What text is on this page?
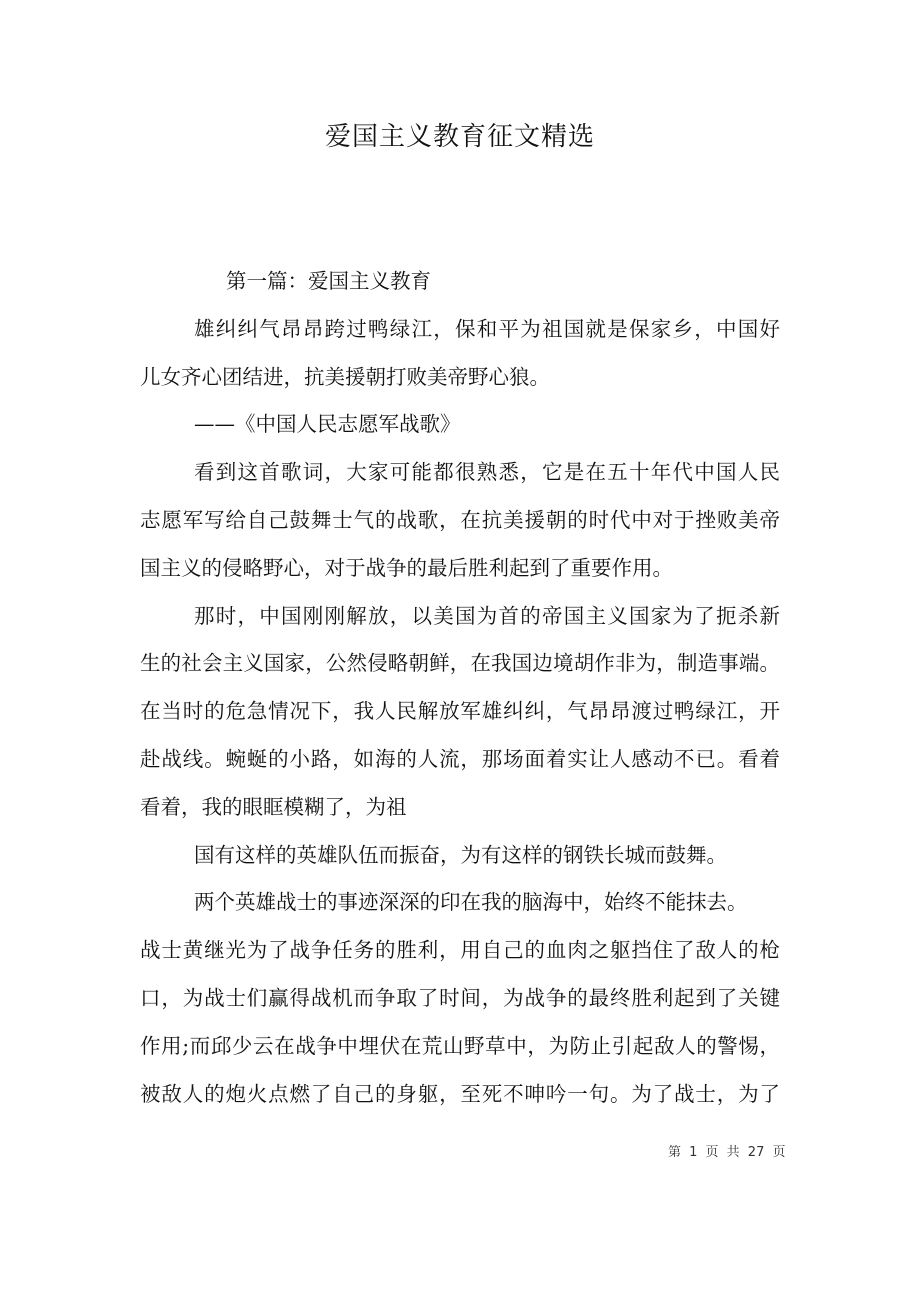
爱国主义教育征文精选
第一篇：爱国主义教育
雄纠纠气昂昂跨过鸭绿江，保和平为祖国就是保家乡，中国好
儿女齐心团结进，抗美援朝打败美帝野心狼。
——《中国人民志愿军战歌》
看到这首歌词，大家可能都很熟悉，它是在五十年代中国人民
志愿军写给自己鼓舞士气的战歌，在抗美援朝的时代中对于挫败美帝
国主义的侵略野心，对于战争的最后胜利起到了重要作用。
那时，中国刚刚解放，以美国为首的帝国主义国家为了扼杀新
生的社会主义国家，公然侵略朝鲜，在我国边境胡作非为，制造事端。
在当时的危急情况下，我人民解放军雄纠纠，气昂昂渡过鸭绿江，开
赴战线。蜿蜒的小路，如海的人流，那场面着实让人感动不已。看着
看着，我的眼眶模糊了，为祖
国有这样的英雄队伍而振奋，为有这样的钢铁长城而鼓舞。
两个英雄战士的事迹深深的印在我的脑海中，始终不能抹去。
战士黄继光为了战争任务的胜利，用自己的血肉之躯挡住了敌人的枪
口，为战士们赢得战机而争取了时间，为战争的最终胜利起到了关键
作用;而邱少云在战争中埋伏在荒山野草中，为防止引起敌人的警惕，
被敌人的炮火点燃了自己的身躯，至死不呻吟一句。为了战士，为了
第 1 页 共 27 页
